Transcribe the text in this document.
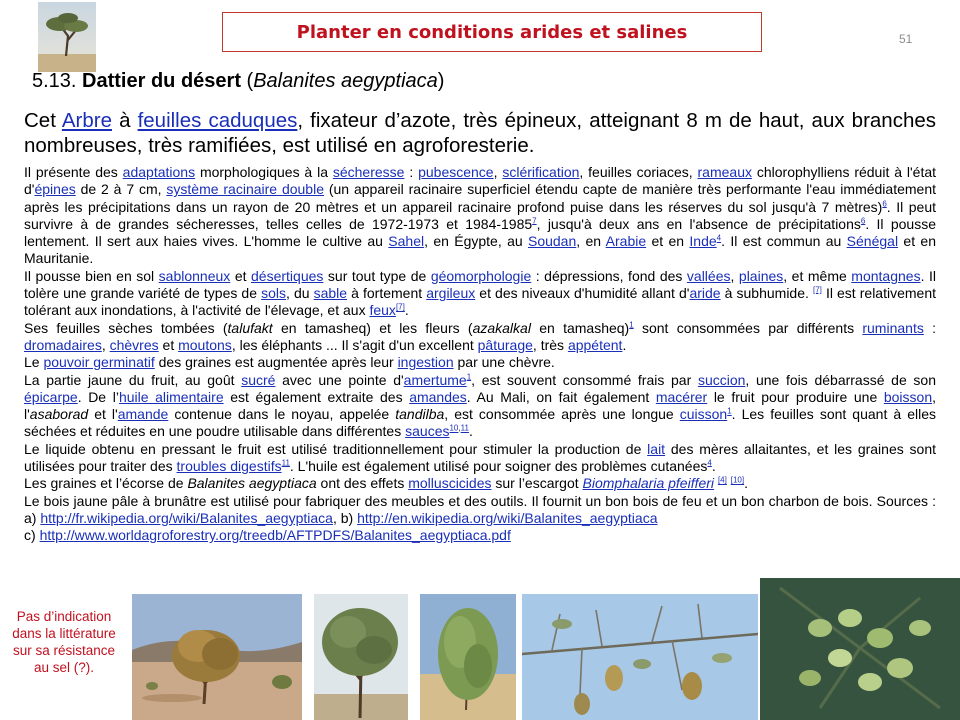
Planter en conditions arides et salines	51
5.13. Dattier du désert (Balanites aegyptiaca)
Cet Arbre à feuilles caduques, fixateur d’azote, très épineux, atteignant 8 m de haut, aux branches nombreuses, très ramifiées, est utilisé en agroforesterie.

Il présente des adaptations morphologiques à la sécheresse : pubescence, sclérification, feuilles coriaces, rameaux chlorophylliens réduit à l'état d'épines de 2 à 7 cm, système racinaire double (un appareil racinaire superficiel étendu capte de manière très performante l'eau immédiatement après les précipitations dans un rayon de 20 mètres et un appareil racinaire profond puise dans les réserves du sol jusqu'à 7 mètres)$^6$. Il peut survivre à de grandes sécheresses, telles celles de 1972-1973 et 1984-1985$^7$, jusqu'à deux ans en l'absence de précipitations$^6$. Il pousse lentement. Il sert aux haies vives. L'homme le cultive au Sahel, en Égypte, au Soudan, en Arabie et en Inde$^4$. Il est commun au Sénégal et en Mauritanie.

Il pousse bien en sol sablonneux et désertiques sur tout type de géomorphologie : dépressions, fond des vallées, plaines, et même montagnes. Il tolère une grande variété de types de sols, du sable à fortement argileux et des niveaux d'humidité allant d'aride à subhumide. [7] Il est relativement tolérant aux inondations, à l'activité de l'élevage, et aux feux[7].

Ses feuilles sèches tombées (talufakt en tamasheq) et les fleurs (azakalkal en tamasheq)$^1$ sont consommées par différents ruminants : dromadaires, chèvres et moutons, les éléphants ... Il s'agit d'un excellent pâturage, très appétent.

Le pouvoir germinatif des graines est augmentée après leur ingestion par une chèvre.

La partie jaune du fruit, au goût sucré avec une pointe d'amertume$^1$, est souvent consommé frais par succion, une fois débarrassé de son épicarpe. De l’huile alimentaire est également extraite des amandes. Au Mali, on fait également macérer le fruit pour produire une boisson, l'asaborad et l'amande contenue dans le noyau, appelée tandilba, est consommée après une longue cuisson$^1$. Les feuilles sont quant à elles séchées et réduites en une poudre utilisable dans différentes sauces$^{10,11}$.

Le liquide obtenu en pressant le fruit est utilisé traditionnellement pour stimuler la production de lait des mères allaitantes, et les graines sont utilisées pour traiter des troubles digestifs$^{11}$. L'huile est également utilisé pour soigner des problèmes cutanées$^4$.

Les graines et l’écorse de Balanites aegyptiaca ont des effets molluscicides sur l’escargot Biomphalaria pfeifferi [4] [10].

Le bois jaune pâle à brunâtre est utilisé pour fabriquer des meubles et des outils. Il fournit un bon bois de feu et un bon charbon de bois. Sources : a) http://fr.wikipedia.org/wiki/Balanites_aegyptiaca, b) http://en.wikipedia.org/wiki/Balanites_aegyptiaca
c) http://www.worldagroforestry.org/treedb/AFTPDFS/Balanites_aegyptiaca.pdf

Pas d’indication dans la littérature sur sa résistance au sel (?).
